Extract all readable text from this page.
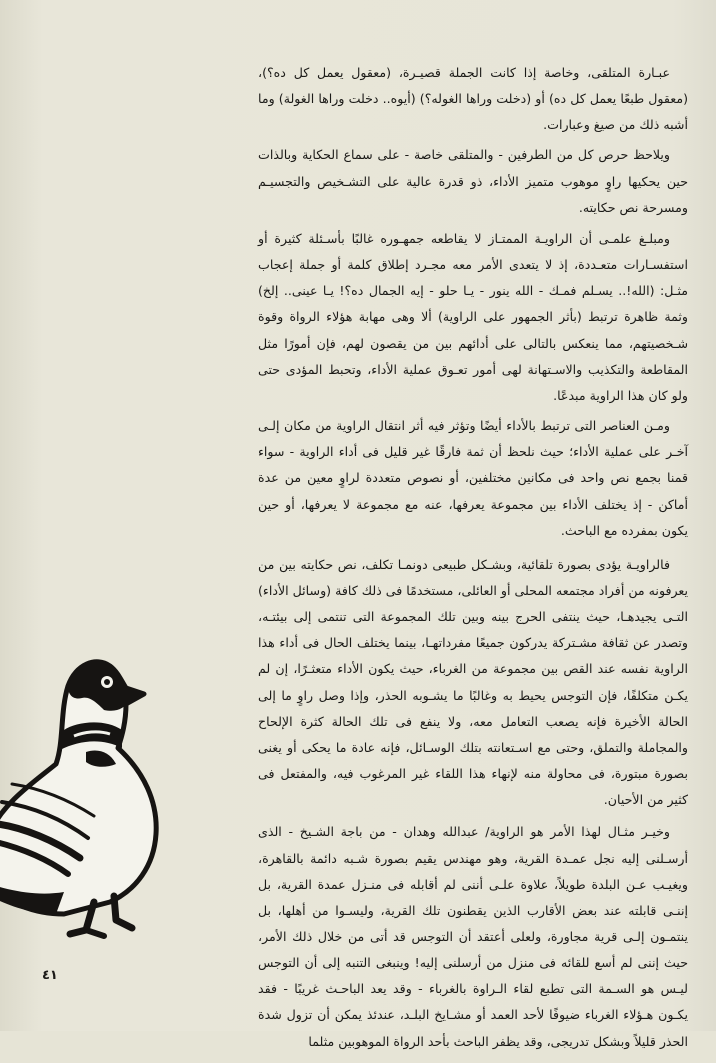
عبـارة المتلقى، وخاصة إذا كانت الجملة قصيـرة، (معقول يعمل كل ده؟)، (معقول طبعًا يعمل كل ده) أو (دخلت وراها الغوله؟) (أيوه.. دخلت وراها الغولة) وما أشبه ذلك من صيغ وعبارات.

ويلاحظ حرص كل من الطرفين - والمتلقى خاصة - على سماع الحكاية وبالذات حين يحكيها راوٍ موهوب متميز الأداء، ذو قدرة عالية على التشـخيص والتجسيـم ومسرحة نص حكايته.

ومبلـغ علمـى أن الراويـة الممتـاز لا يقاطعه جمهـوره غالبًا بأسـئلة كثيرة أو استفسـارات متعـددة، إذ لا يتعدى الأمر معه مجـرد إطلاق كلمة أو جملة إعجاب مثـل: (الله!.. يسـلم فمـك - الله ينور - يـا حلو - إيه الجمال ده؟! يـا عينى.. إلخ) وثمة ظاهرة ترتبط (بأثر الجمهور على الراوية) ألا وهى مهابة هؤلاء الرواة وقوة شـخصيتهم، مما ينعكس بالتالى على أدائهم بين من يقصون لهم، فإن أمورًا مثل المقاطعة والتكذيب والاسـتهانة لهى أمور تعـوق عملية الأداء، وتحبط المؤدى حتى ولو كان هذا الراوية مبدعًا.

ومـن العناصر التى ترتبط بالأداء أيضًا وتؤثر فيه أثر انتقال الراوية من مكان إلـى آخـر على عملية الأداء؛ حيث نلحظ أن ثمة فارقًا غير قليل فى أداء الراوية - سواء قمنا بجمع نص واحد فى مكانين مختلفين، أو نصوص متعددة لراوٍ معين من عدة أماكن - إذ يختلف الأداء بين مجموعة يعرفها، عنه مع مجموعة لا يعرفها، أو حين يكون بمفرده مع الباحث.

فالراويـة يؤدى بصورة تلقائية، وبشـكل طبيعى دونمـا تكلف، نص حكايته بين من يعرفونه من أفراد مجتمعه المحلى أو العائلى، مستخدمًا فى ذلك كافة (وسائل الأداء) التـى يجيدهـا، حيث ينتفى الحرج بينه وبين تلك المجموعة التى تنتمى إلى بيئتـه، وتصدر عن ثقافة مشـتركة يدركون جميعًا مفرداتهـا، بينما يختلف الحال فى أداء هذا الراوية نفسه عند القص بين مجموعة من الغرباء، حيث يكون الأداء متعثـرًا، إن لم يكـن متكلفًا، فإن التوجس يحيط به وغالبًا ما يشـوبه الحذر، وإذا وصل راوٍ ما إلى الحالة الأخيرة فإنه يصعب التعامل معه، ولا ينفع فى تلك الحالة كثرة الإلحاح والمجاملة والتملق، وحتى مع اسـتعانته بتلك الوسـائل، فإنه عادة ما يحكى أو يغنى بصورة مبتورة، فى محاولة منه لإنهاء هذا اللقاء غير المرغوب فيه، والمفتعل فى كثير من الأحيان.

وخيـر مثـال لهذا الأمر هو الراوية/ عبدالله وهدان - من باجة الشـيخ - الذى أرسـلنى إليه نجل عمـدة القرية، وهو مهندس يقيم بصورة شـبه دائمة بالقاهرة، ويغيـب عـن البلدة طويلاً، علاوة علـى أننى لم أقابله فى منـزل عمدة القرية، بل إننـى قابلته عند بعض الأقارب الذين يقطنون تلك القرية، وليسـوا من أهلها، بل ينتمـون إلـى قرية مجاورة، ولعلى أعتقد أن التوجس قد أتى من خلال ذلك الأمر، حيث إننى لم أسع للقائه فى منزل من أرسلنى إليه! وينبغى التنبه إلى أن التوجس ليـس هو السـمة التى تطبع لقاء الـراوة بالغرباء - وقد يعد الباحـث غريبًا - فقد يكـون هـؤلاء الغرباء ضيوفًا لأحد العمد أو مشـايخ البلـد، عندئذ يمكن أن تزول شدة الحذر قليلاً وبشكل تدريجى، وقد يظفر الباحث بأحد الرواة الموهوبين مثلما

٤١
